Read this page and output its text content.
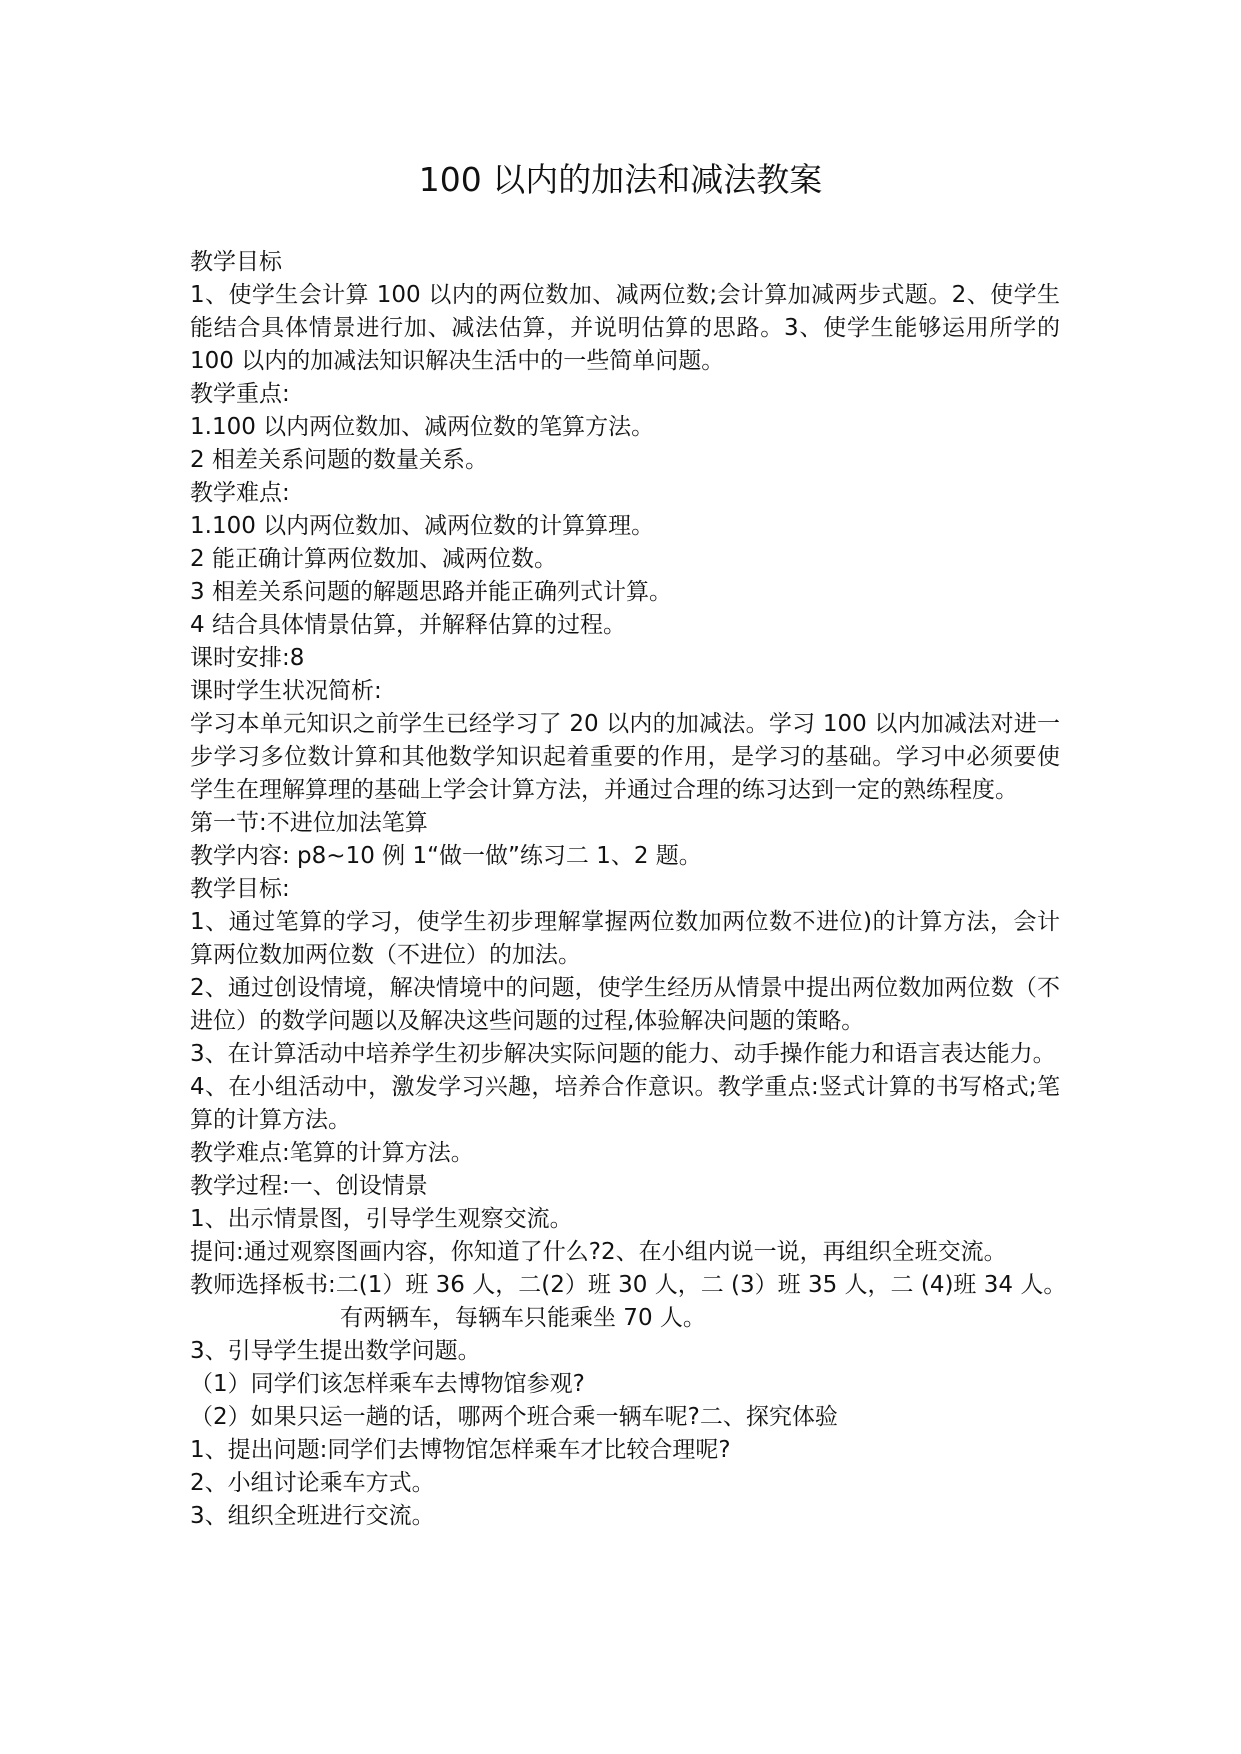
100 以内的加法和减法教案

教学目标

1、使学生会计算 100 以内的两位数加、减两位数;会计算加减两步式题。2、使学生能结合具体情景进行加、减法估算，并说明估算的思路。3、使学生能够运用所学的 100 以内的加减法知识解决生活中的一些简单问题。

教学重点:

1.100 以内两位数加、减两位数的笔算方法。

2 相差关系问题的数量关系。

教学难点:

1.100 以内两位数加、减两位数的计算算理。

2 能正确计算两位数加、减两位数。

3 相差关系问题的解题思路并能正确列式计算。

4 结合具体情景估算，并解释估算的过程。

课时安排:8

课时学生状况简析:

学习本单元知识之前学生已经学习了 20 以内的加减法。学习 100 以内加减法对进一步学习多位数计算和其他数学知识起着重要的作用，是学习的基础。学习中必须要使学生在理解算理的基础上学会计算方法，并通过合理的练习达到一定的熟练程度。

第一节:不进位加法笔算

教学内容: p8~10 例 1“做一做”练习二 1、2 题。

教学目标:

1、通过笔算的学习，使学生初步理解掌握两位数加两位数不进位)的计算方法，会计算两位数加两位数（不进位）的加法。

2、通过创设情境，解决情境中的问题，使学生经历从情景中提出两位数加两位数（不进位）的数学问题以及解决这些问题的过程,体验解决问题的策略。

3、在计算活动中培养学生初步解决实际问题的能力、动手操作能力和语言表达能力。

4、在小组活动中，激发学习兴趣，培养合作意识。教学重点:竖式计算的书写格式;笔算的计算方法。

教学难点:笔算的计算方法。

教学过程:一、创设情景

1、出示情景图，引导学生观察交流。

提问:通过观察图画内容，你知道了什么?2、在小组内说一说，再组织全班交流。

教师选择板书:二(1）班 36 人，二(2）班 30 人，二 (3）班 35 人，二 (4)班 34 人。

有两辆车，每辆车只能乘坐 70 人。

3、引导学生提出数学问题。

（1）同学们该怎样乘车去博物馆参观?

（2）如果只运一趟的话，哪两个班合乘一辆车呢?二、探究体验

1、提出问题:同学们去博物馆怎样乘车才比较合理呢?

2、小组讨论乘车方式。

3、组织全班进行交流。
